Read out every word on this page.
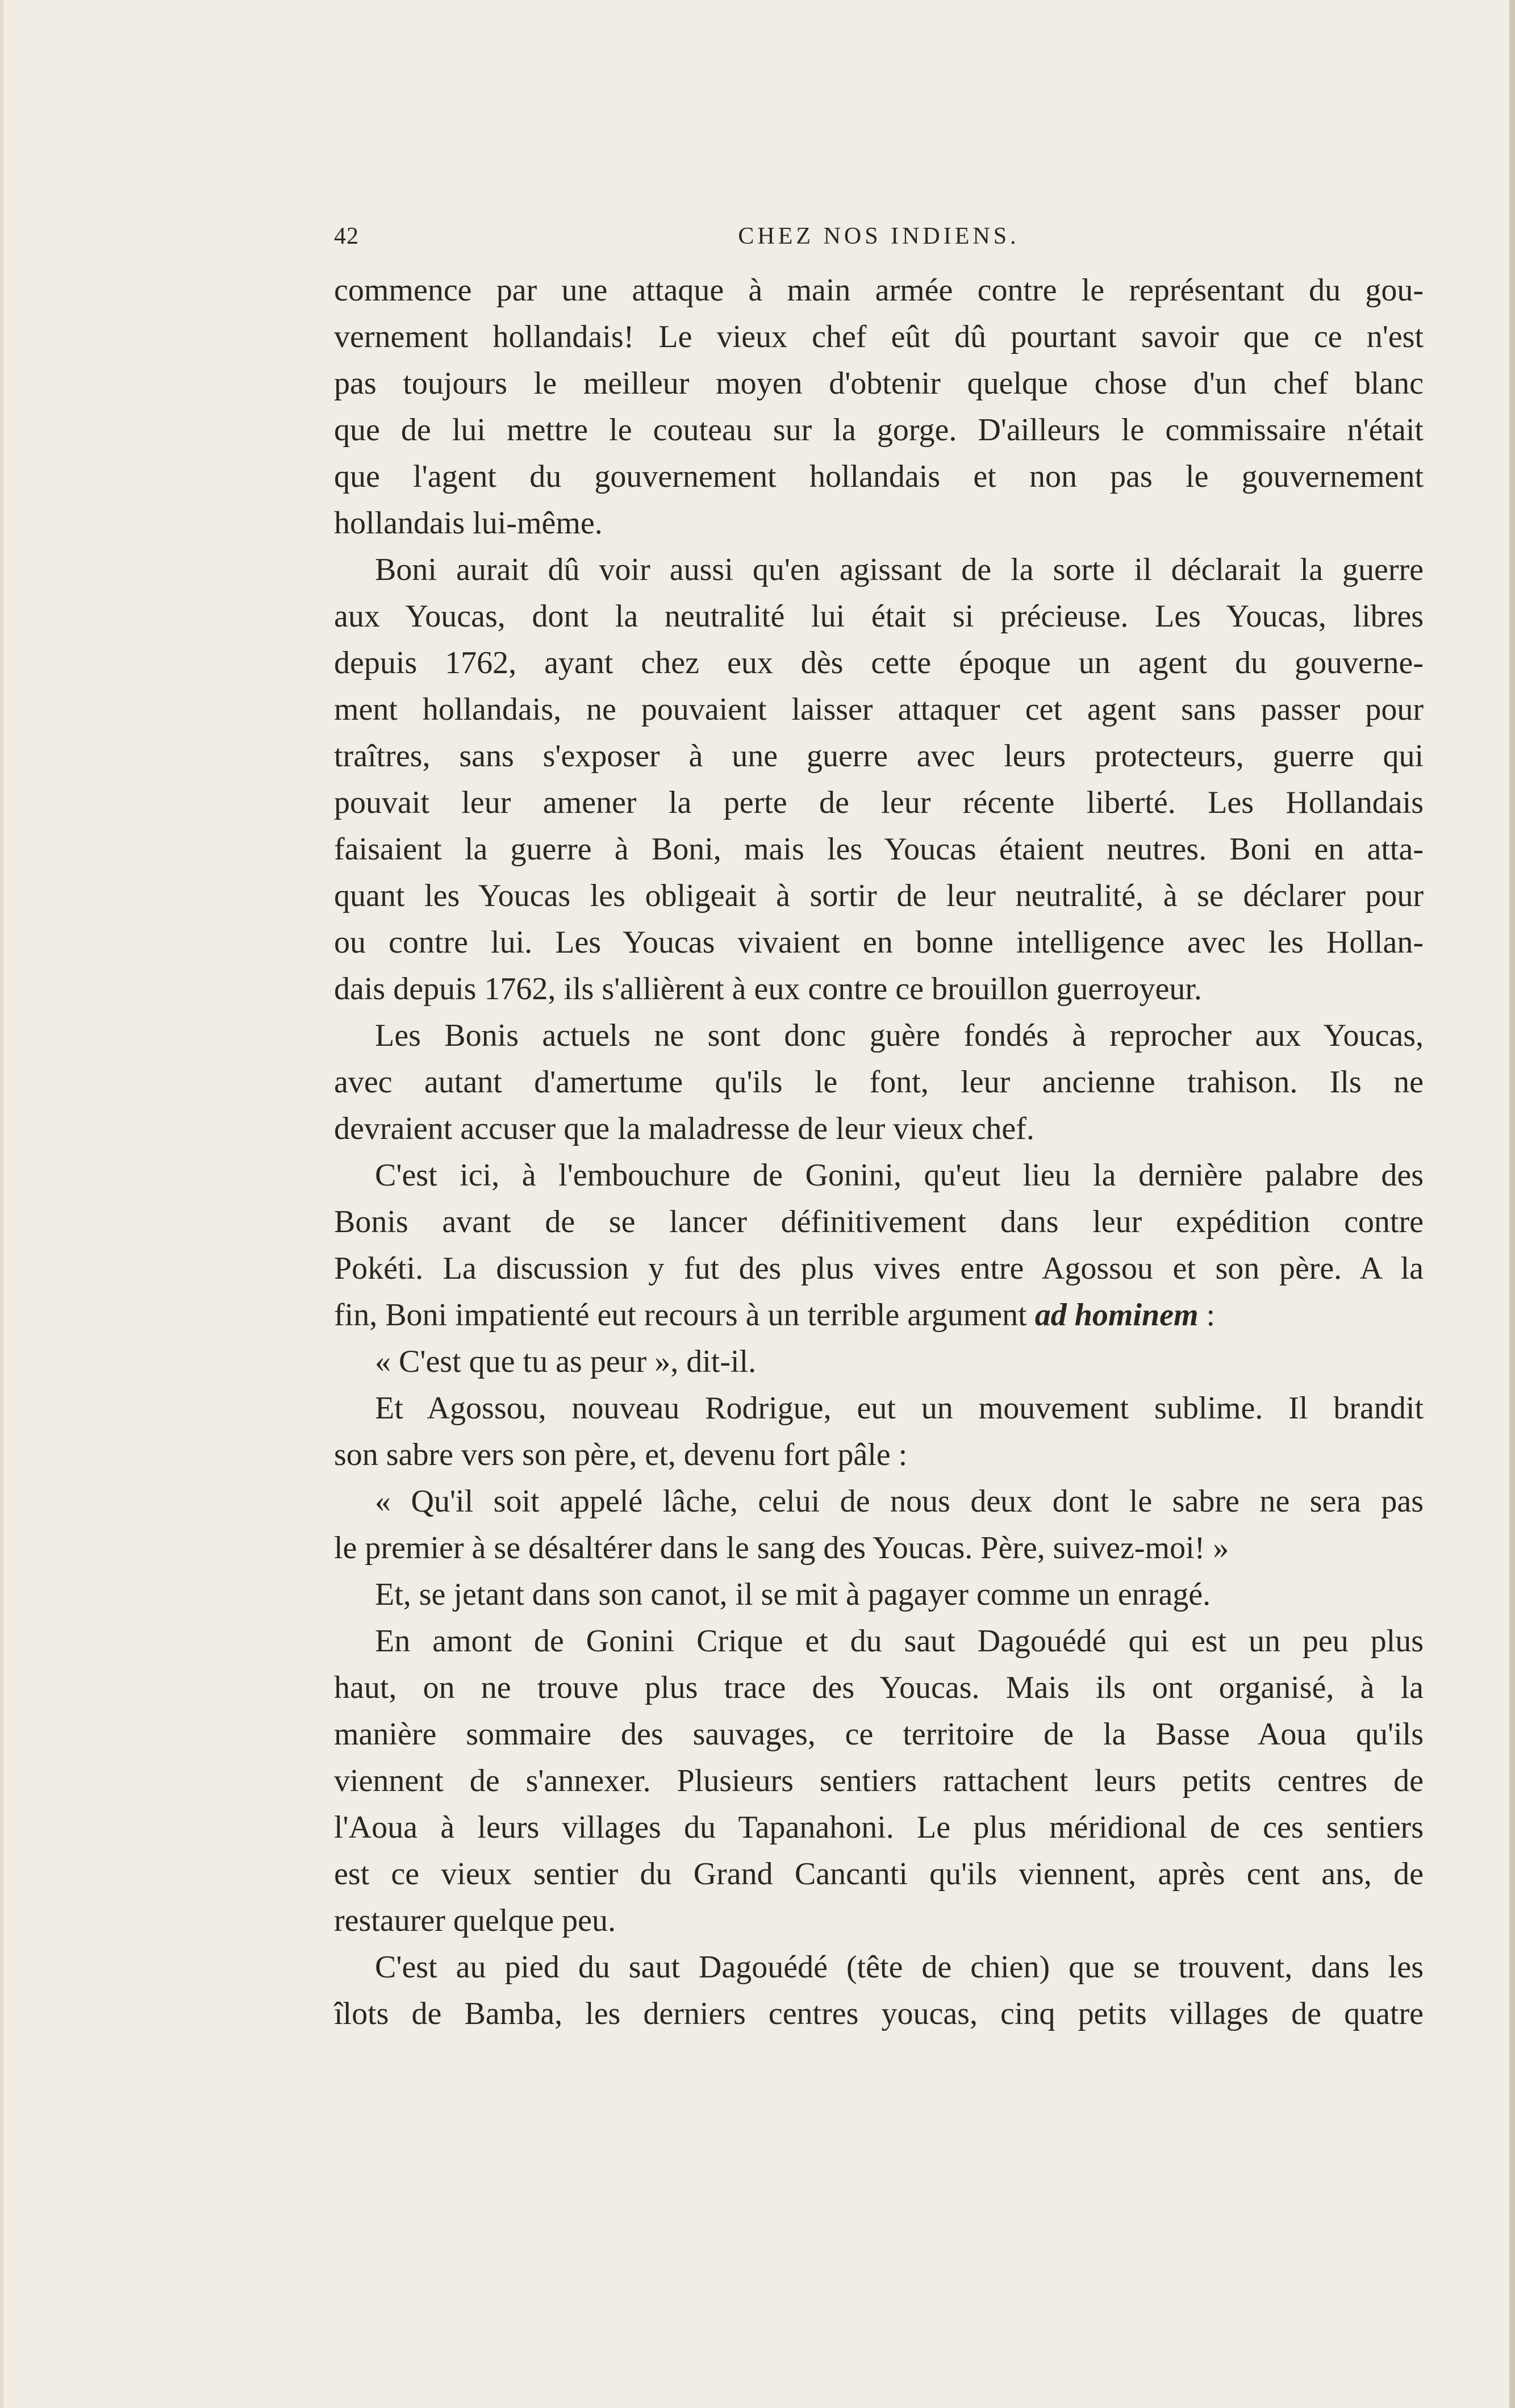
42	CHEZ NOS INDIENS.
commence par une attaque à main armée contre le représentant du gou-
vernement hollandais! Le vieux chef eût dû pourtant savoir que ce n'est
pas toujours le meilleur moyen d'obtenir quelque chose d'un chef blanc
que de lui mettre le couteau sur la gorge. D'ailleurs le commissaire n'était
que l'agent du gouvernement hollandais et non pas le gouvernement
hollandais lui-même.
Boni aurait dû voir aussi qu'en agissant de la sorte il déclarait la guerre
aux Youcas, dont la neutralité lui était si précieuse. Les Youcas, libres
depuis 1762, ayant chez eux dès cette époque un agent du gouverne-
ment hollandais, ne pouvaient laisser attaquer cet agent sans passer pour
traîtres, sans s'exposer à une guerre avec leurs protecteurs, guerre qui
pouvait leur amener la perte de leur récente liberté. Les Hollandais
faisaient la guerre à Boni, mais les Youcas étaient neutres. Boni en atta-
quant les Youcas les obligeait à sortir de leur neutralité, à se déclarer pour
ou contre lui. Les Youcas vivaient en bonne intelligence avec les Hollan-
dais depuis 1762, ils s'allièrent à eux contre ce brouillon guerroyeur.
Les Bonis actuels ne sont donc guère fondés à reprocher aux Youcas,
avec autant d'amertume qu'ils le font, leur ancienne trahison. Ils ne
devraient accuser que la maladresse de leur vieux chef.
C'est ici, à l'embouchure de Gonini, qu'eut lieu la dernière palabre des
Bonis avant de se lancer définitivement dans leur expédition contre
Pokéti. La discussion y fut des plus vives entre Agossou et son père. A la
fin, Boni impatienté eut recours à un terrible argument ad hominem :
« C'est que tu as peur », dit-il.
Et Agossou, nouveau Rodrigue, eut un mouvement sublime. Il brandit
son sabre vers son père, et, devenu fort pâle :
« Qu'il soit appelé lâche, celui de nous deux dont le sabre ne sera pas
le premier à se désaltérer dans le sang des Youcas. Père, suivez-moi! »
Et, se jetant dans son canot, il se mit à pagayer comme un enragé.
En amont de Gonini Crique et du saut Dagouédé qui est un peu plus
haut, on ne trouve plus trace des Youcas. Mais ils ont organisé, à la
manière sommaire des sauvages, ce territoire de la Basse Aoua qu'ils
viennent de s'annexer. Plusieurs sentiers rattachent leurs petits centres de
l'Aoua à leurs villages du Tapanahoni. Le plus méridional de ces sentiers
est ce vieux sentier du Grand Cancanti qu'ils viennent, après cent ans, de
restaurer quelque peu.
C'est au pied du saut Dagouédé (tête de chien) que se trouvent, dans les
îlots de Bamba, les derniers centres youcas, cinq petits villages de quatre
